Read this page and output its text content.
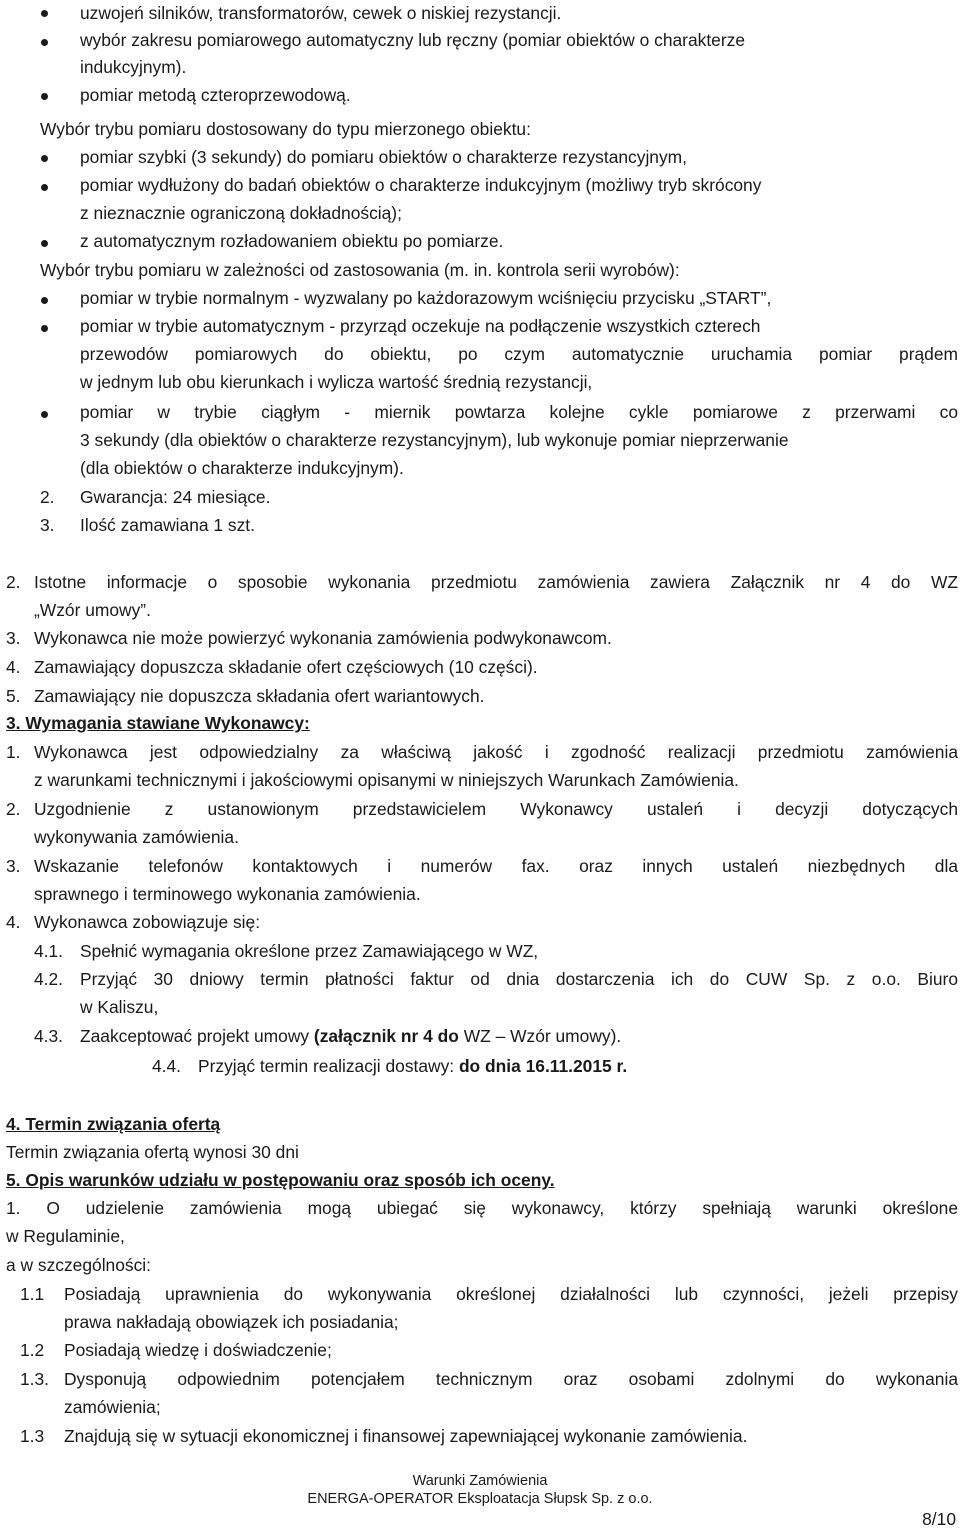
uzwojeń silników, transformatorów, cewek o niskiej rezystancji.
wybór zakresu pomiarowego automatyczny lub ręczny (pomiar obiektów o charakterze
indukcyjnym).
pomiar metodą czteroprzewodową.
Wybór trybu pomiaru dostosowany do typu mierzonego obiektu:
pomiar szybki (3 sekundy) do pomiaru obiektów o charakterze rezystancyjnym,
pomiar wydłużony do badań obiektów o charakterze indukcyjnym (możliwy tryb skrócony
z nieznacznie ograniczoną dokładnością);
z automatycznym rozładowaniem obiektu po pomiarze.
Wybór trybu pomiaru w zależności od zastosowania (m. in. kontrola serii wyrobów):
pomiar w trybie normalnym - wyzwalany po każdorazowym wciśnięciu przycisku „START”,
pomiar w trybie automatycznym - przyrząd oczekuje na podłączenie wszystkich czterech
przewodów pomiarowych do obiektu, po czym automatycznie uruchamia pomiar prądem
w jednym lub obu kierunkach i wylicza wartość średnią rezystancji,
pomiar w trybie ciągłym - miernik powtarza kolejne cykle pomiarowe z przerwami co
3 sekundy (dla obiektów o charakterze rezystancyjnym), lub wykonuje pomiar nieprzerwanie
(dla obiektów o charakterze indukcyjnym).
2. Gwarancja: 24 miesiące.
3. Ilość zamawiana 1 szt.
2. Istotne informacje o sposobie wykonania przedmiotu zamówienia zawiera Załącznik nr 4 do WZ
„Wzór umowy”.
3. Wykonawca nie może powierzyć wykonania zamówienia podwykonawcom.
4. Zamawiający dopuszcza składanie ofert częściowych (10 części).
5. Zamawiający nie dopuszcza składania ofert wariantowych.
3. Wymagania stawiane Wykonawcy:
1. Wykonawca jest odpowiedzialny za właściwą jakość i zgodność realizacji przedmiotu zamówienia
z warunkami technicznymi i jakościowymi opisanymi w niniejszych Warunkach Zamówienia.
2. Uzgodnienie z ustanowionym przedstawicielem Wykonawcy ustaleń i decyzji dotyczących
wykonywania zamówienia.
3. Wskazanie telefonów kontaktowych i numerów fax. oraz innych ustaleń niezbędnych dla
sprawnego i terminowego wykonania zamówienia.
4. Wykonawca zobowiązuje się:
4.1. Spełnić wymagania określone przez Zamawiającego w WZ,
4.2. Przyjąć 30 dniowy termin płatności faktur od dnia dostarczenia ich do CUW Sp. z o.o. Biuro
w Kaliszu,
4.3. Zaakceptować projekt umowy (załącznik nr 4 do WZ – Wzór umowy).
4.4. Przyjąć termin realizacji dostawy: do dnia 16.11.2015 r.
4. Termin związania ofertą
Termin związania ofertą wynosi 30 dni
5. Opis warunków udziału w postępowaniu oraz sposób ich oceny.
1. O udzielenie zamówienia mogą ubiegać się wykonawcy, którzy spełniają warunki określone
w Regulaminie,
a w szczególności:
1.1 Posiadają uprawnienia do wykonywania określonej działalności lub czynności, jeżeli przepisy
prawa nakładają obowiązek ich posiadania;
1.2 Posiadają wiedzę i doświadczenie;
1.3. Dysponują odpowiednim potencjałem technicznym oraz osobami zdolnymi do wykonania
zamówienia;
1.3 Znajdują się w sytuacji ekonomicznej i finansowej zapewniającej wykonanie zamówienia.
Warunki Zamówienia
ENERGA-OPERATOR Eksploatacja Słupsk Sp. z o.o.
8/10
